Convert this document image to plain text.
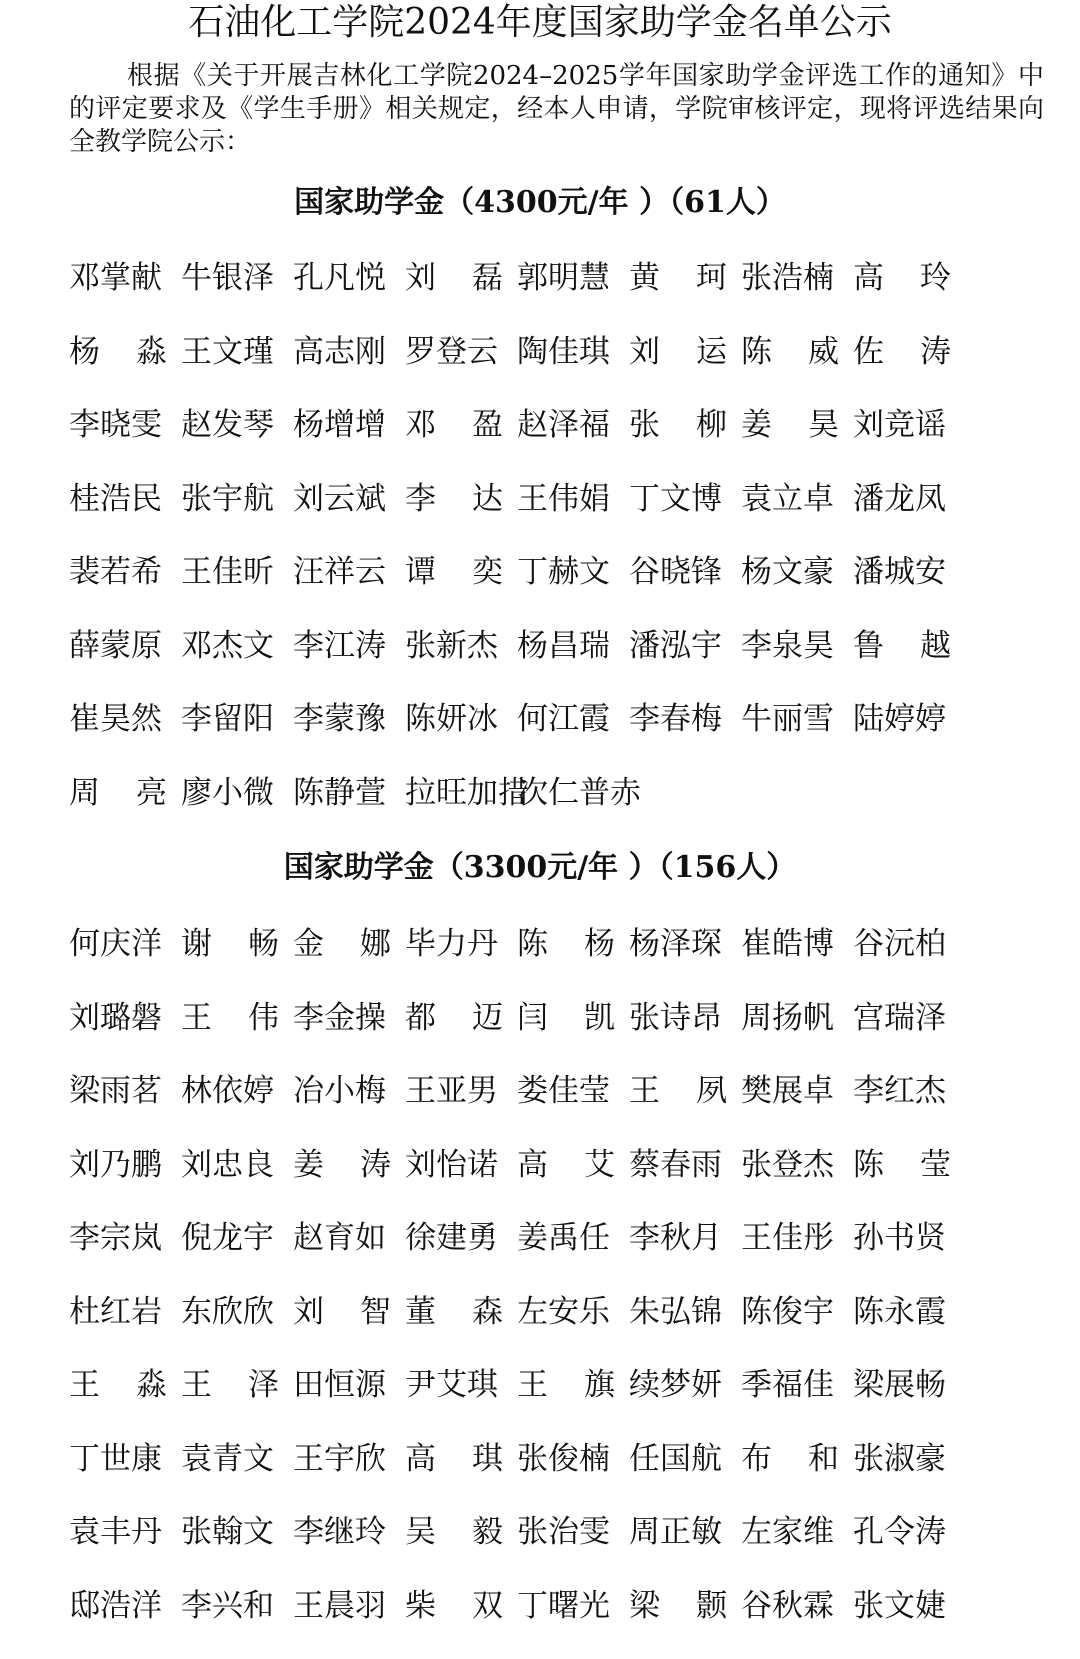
石油化工学院2024年度国家助学金名单公示

根据《关于开展吉林化工学院2024–2025学年国家助学金评选工作的通知》中的评定要求及《学生手册》相关规定，经本人申请，学院审核评定，现将评选结果向全教学院公示：

国家助学金（4300元/年 ）（61人）
邓掌献 牛银泽 孔凡悦 刘 磊 郭明慧 黄 珂 张浩楠 高 玲
杨 淼 王文瑾 高志刚 罗登云 陶佳琪 刘 运 陈 威 佐 涛
李晓雯 赵发琴 杨增增 邓 盈 赵泽福 张 柳 姜 昊 刘竞谣
桂浩民 张宇航 刘云斌 李 达 王伟娟 丁文博 袁立卓 潘龙凤
裴若希 王佳昕 汪祥云 谭 奕 丁赫文 谷晓锋 杨文豪 潘城安
薛蒙原 邓杰文 李江涛 张新杰 杨昌瑞 潘泓宇 李泉昊 鲁 越
崔昊然 李留阳 李蒙豫 陈妍冰 何江霞 李春梅 牛丽雪 陆婷婷
周 亮 廖小微 陈静萱 拉旺加措
次仁普赤
国家助学金（3300元/年 ）（156人）
何庆洋 谢 畅 金 娜 毕力丹 陈 杨 杨泽琛 崔皓博 谷沅柏
刘璐磐 王 伟 李金操 都 迈 闫 凯 张诗昂 周扬帆 宫瑞泽
梁雨茗 林依婷 冶小梅 王亚男 娄佳莹 王 夙 樊展卓 李红杰
刘乃鹏 刘忠良 姜 涛 刘怡诺 高 艾 蔡春雨 张登杰 陈 莹
李宗岚 倪龙宇 赵育如 徐建勇 姜禹任 李秋月 王佳彤 孙书贤
杜红岩 东欣欣 刘 智 董 森 左安乐 朱弘锦 陈俊宇 陈永霞
王 淼 王 泽 田恒源 尹艾琪 王 旗 续梦妍 季福佳 梁展畅
丁世康 袁青文 王宇欣 高 琪 张俊楠 任国航 布 和 张淑豪
袁丰丹 张翰文 李继玲 吴 毅 张治雯 周正敏 左家维 孔令涛
邸浩洋 李兴和 王晨羽 柴 双 丁曙光 梁 颢 谷秋霖 张文婕
